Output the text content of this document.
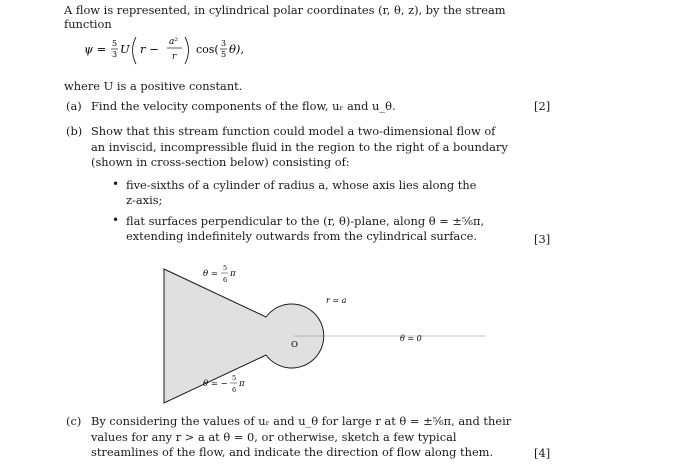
A flow is represented, in cylindrical polar coordinates (r, θ, z), by the stream
function
ψ = 5
3 U r − a²
r
cos( 3
5 θ),
where U is a positive constant.
(a) Find the velocity components of the flow, uᵣ and u_θ.	[2]
(b) Show that this stream function could model a two-dimensional flow of
an inviscid, incompressible fluid in the region to the right of a boundary
(shown in cross-section below) consisting of:
• five-sixths of a cylinder of radius a, whose axis lies along the
z-axis;
• flat surfaces perpendicular to the (r, θ)-plane, along θ = ±⁵⁄₆π,
extending indefinitely outwards from the cylindrical surface.	[3]
θ =
5
6
π
r = a
O
θ = 0
θ = −
5
6
π
(c) By considering the values of uᵣ and u_θ for large r at θ = ±⁵⁄₆π, and their
values for any r > a at θ = 0, or otherwise, sketch a few typical
streamlines of the flow, and indicate the direction of flow along them.	[4]
